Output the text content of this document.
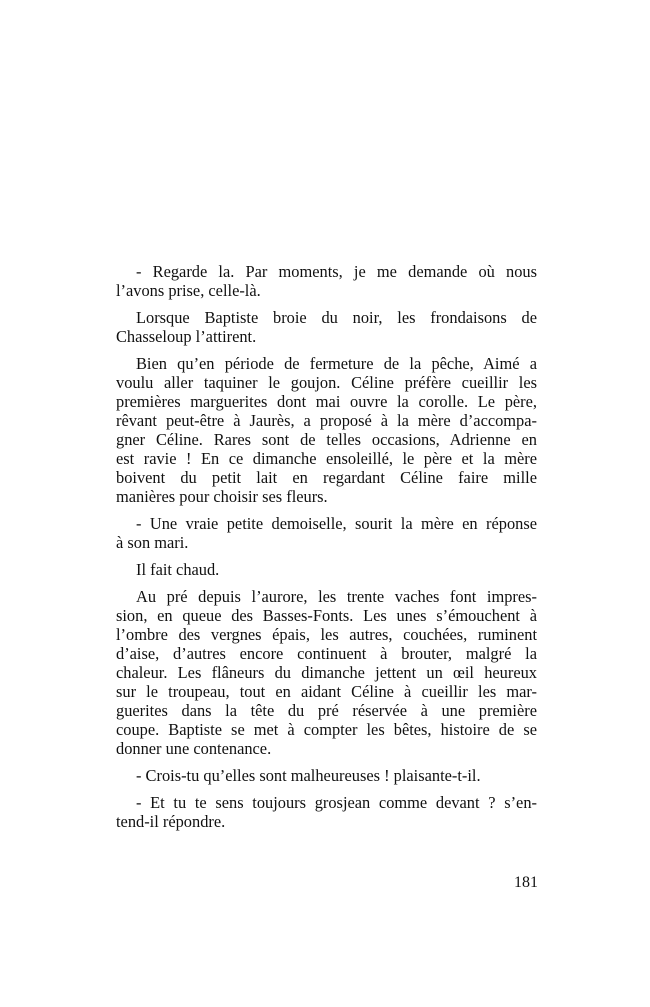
- Regarde la. Par moments, je me demande où nous
l’avons prise, celle-là.
Lorsque Baptiste broie du noir, les frondaisons de
Chasseloup l’attirent.
Bien qu’en période de fermeture de la pêche, Aimé a
voulu aller taquiner le goujon. Céline préfère cueillir les
premières marguerites dont mai ouvre la corolle. Le père,
rêvant peut-être à Jaurès, a proposé à la mère d’accompa-
gner Céline. Rares sont de telles occasions, Adrienne en
est ravie ! En ce dimanche ensoleillé, le père et la mère
boivent du petit lait en regardant Céline faire mille
manières pour choisir ses fleurs.
- Une vraie petite demoiselle, sourit la mère en réponse
à son mari.
Il fait chaud.
Au pré depuis l’aurore, les trente vaches font impres-
sion, en queue des Basses-Fonts. Les unes s’émouchent à
l’ombre des vergnes épais, les autres, couchées, ruminent
d’aise, d’autres encore continuent à brouter, malgré la
chaleur. Les flâneurs du dimanche jettent un œil heureux
sur le troupeau, tout en aidant Céline à cueillir les mar-
guerites dans la tête du pré réservée à une première
coupe. Baptiste se met à compter les bêtes, histoire de se
donner une contenance.
- Crois-tu qu’elles sont malheureuses ! plaisante-t-il.
- Et tu te sens toujours grosjean comme devant ? s’en-
tend-il répondre.
181
